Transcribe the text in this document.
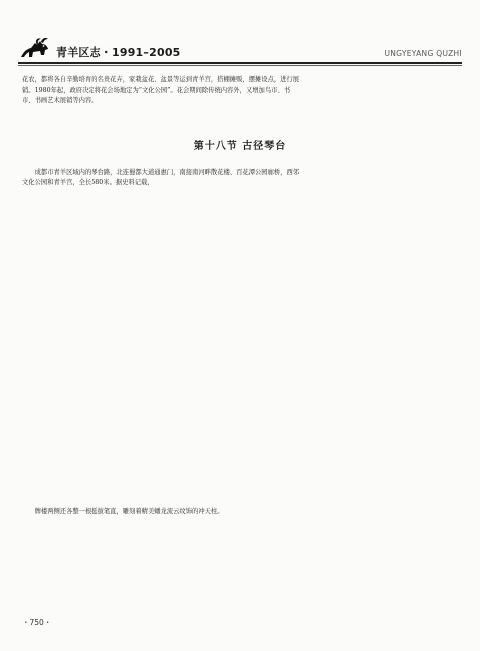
青羊区志・1991–2005	UNGYEYANG QUZHI

花农，都将各自辛勤培育的名贵花卉，家栽盆花、盆景等运到青羊宫，搭棚摊贩，摆摊设点，进行展

销。1980年起，政府决定将花会场地定为“文化公园”。花会期间除传统内容外，又增加鸟市、书

市、书画艺术展销等内容。

第十八节 古径琴台

成都市青羊区域内的琴台路，北连蜀都大道通惠门，南接南河畔散花楼、百花潭公园廊桥，西邻

文化公园和青羊宫，全长580米。据史料记载，

牌楼两侧还各整一根挺拔笔直，雕刻着精美蟠龙流云纹饰的冲天柱。

・750・
